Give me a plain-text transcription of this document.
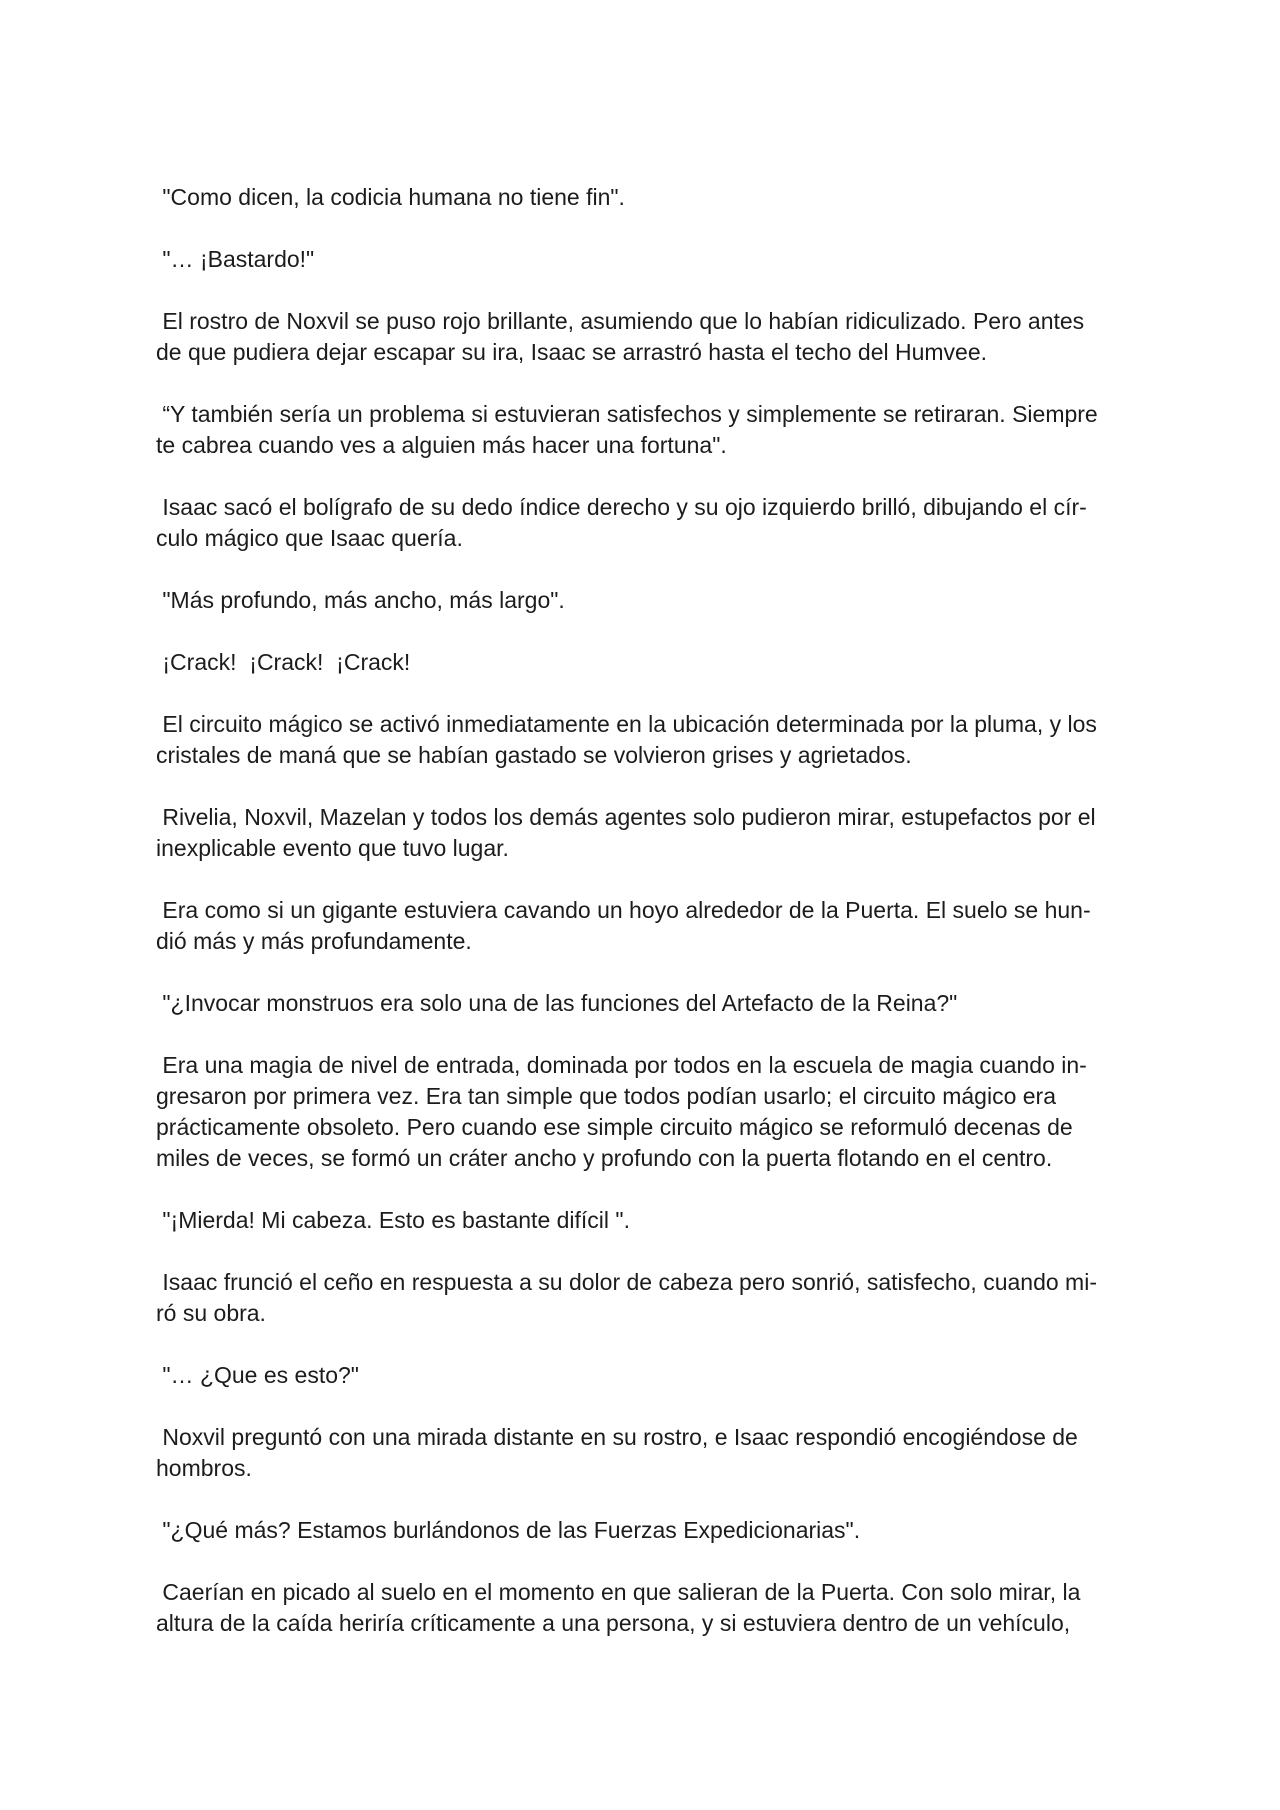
"Como dicen, la codicia humana no tiene fin".

"… ¡Bastardo!"

El rostro de Noxvil se puso rojo brillante, asumiendo que lo habían ridiculizado. Pero antes
de que pudiera dejar escapar su ira, Isaac se arrastró hasta el techo del Humvee.

“Y también sería un problema si estuvieran satisfechos y simplemente se retiraran. Siempre
te cabrea cuando ves a alguien más hacer una fortuna".

Isaac sacó el bolígrafo de su dedo índice derecho y su ojo izquierdo brilló, dibujando el cír-
culo mágico que Isaac quería.

"Más profundo, más ancho, más largo".

¡Crack!  ¡Crack!  ¡Crack!

El circuito mágico se activó inmediatamente en la ubicación determinada por la pluma, y los
cristales de maná que se habían gastado se volvieron grises y agrietados.

Rivelia, Noxvil, Mazelan y todos los demás agentes solo pudieron mirar, estupefactos por el
inexplicable evento que tuvo lugar.

Era como si un gigante estuviera cavando un hoyo alrededor de la Puerta. El suelo se hun-
dió más y más profundamente.

"¿Invocar monstruos era solo una de las funciones del Artefacto de la Reina?"

Era una magia de nivel de entrada, dominada por todos en la escuela de magia cuando in-
gresaron por primera vez. Era tan simple que todos podían usarlo; el circuito mágico era
prácticamente obsoleto. Pero cuando ese simple circuito mágico se reformuló decenas de
miles de veces, se formó un cráter ancho y profundo con la puerta flotando en el centro.

"¡Mierda! Mi cabeza. Esto es bastante difícil ".

Isaac frunció el ceño en respuesta a su dolor de cabeza pero sonrió, satisfecho, cuando mi-
ró su obra.

"… ¿Que es esto?"

Noxvil preguntó con una mirada distante en su rostro, e Isaac respondió encogiéndose de
hombros.

"¿Qué más? Estamos burlándonos de las Fuerzas Expedicionarias".

Caerían en picado al suelo en el momento en que salieran de la Puerta. Con solo mirar, la
altura de la caída heriría críticamente a una persona, y si estuviera dentro de un vehículo,
